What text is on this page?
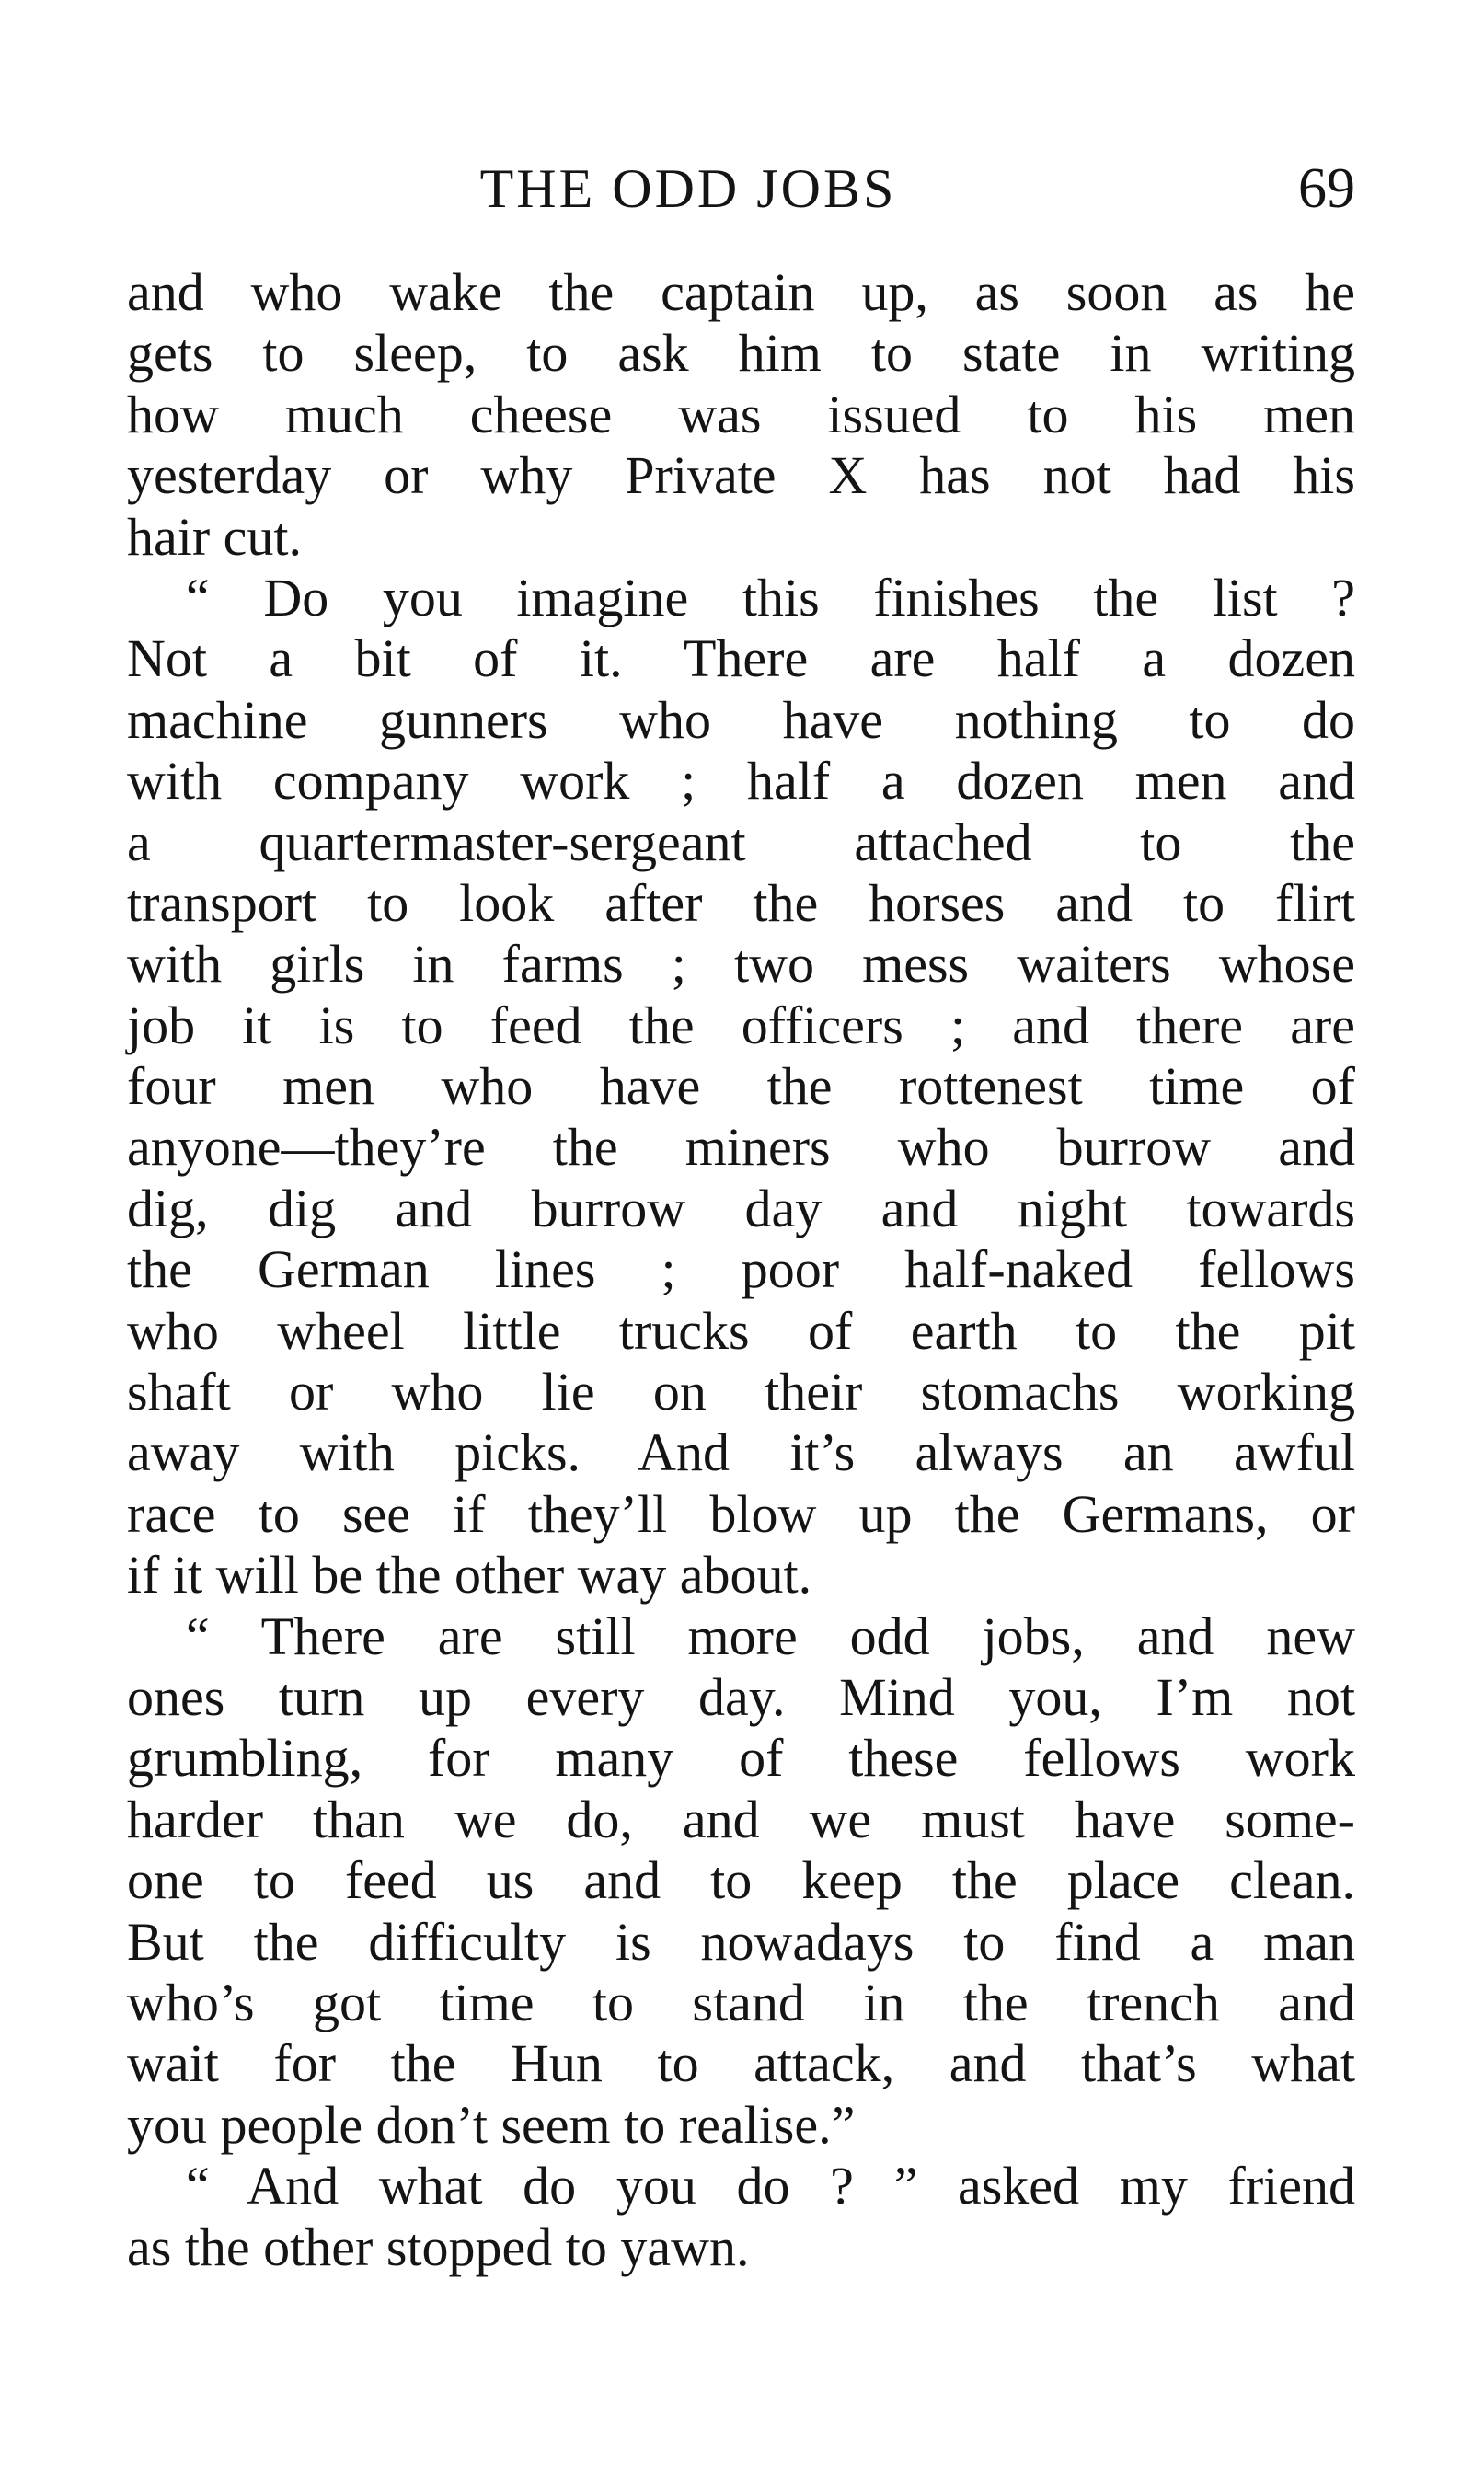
THE ODD JOBS	69
and who wake the captain up, as soon as he
gets to sleep, to ask him to state in writing
how much cheese was issued to his men
yesterday or why Private X has not had his
hair cut.
“ Do you imagine this finishes the list ?
Not a bit of it. There are half a dozen
machine gunners who have nothing to do
with company work ; half a dozen men and
a quartermaster-sergeant attached to the
transport to look after the horses and to flirt
with girls in farms ; two mess waiters whose
job it is to feed the officers ; and there are
four men who have the rottenest time of
anyone—they’re the miners who burrow and
dig, dig and burrow day and night towards
the German lines ; poor half-naked fellows
who wheel little trucks of earth to the pit
shaft or who lie on their stomachs working
away with picks. And it’s always an awful
race to see if they’ll blow up the Germans, or
if it will be the other way about.
“ There are still more odd jobs, and new
ones turn up every day. Mind you, I’m not
grumbling, for many of these fellows work
harder than we do, and we must have some-
one to feed us and to keep the place clean.
But the difficulty is nowadays to find a man
who’s got time to stand in the trench and
wait for the Hun to attack, and that’s what
you people don’t seem to realise.”
“ And what do you do ? ” asked my friend
as the other stopped to yawn.
